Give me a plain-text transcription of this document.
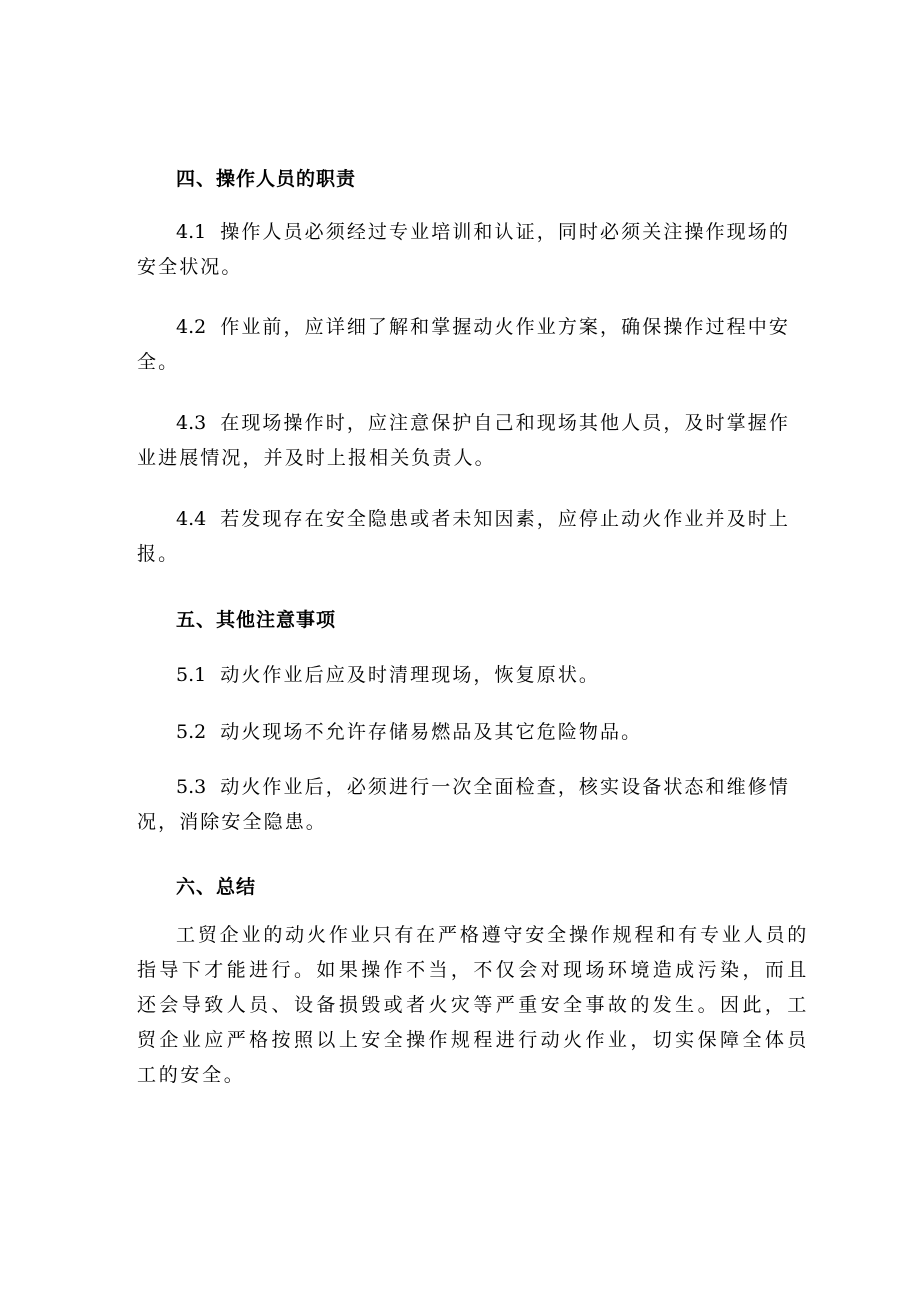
四、操作人员的职责

4.1 操作人员必须经过专业培训和认证，同时必须关注操作现场的安全状况。

4.2 作业前，应详细了解和掌握动火作业方案，确保操作过程中安全。

4.3 在现场操作时，应注意保护自己和现场其他人员，及时掌握作业进展情况，并及时上报相关负责人。

4.4 若发现存在安全隐患或者未知因素，应停止动火作业并及时上报。

五、其他注意事项

5.1 动火作业后应及时清理现场，恢复原状。

5.2 动火现场不允许存储易燃品及其它危险物品。

5.3 动火作业后，必须进行一次全面检查，核实设备状态和维修情况，消除安全隐患。

六、总结

工贸企业的动火作业只有在严格遵守安全操作规程和有专业人员的指导下才能进行。如果操作不当，不仅会对现场环境造成污染，而且还会导致人员、设备损毁或者火灾等严重安全事故的发生。因此，工贸企业应严格按照以上安全操作规程进行动火作业，切实保障全体员工的安全。
